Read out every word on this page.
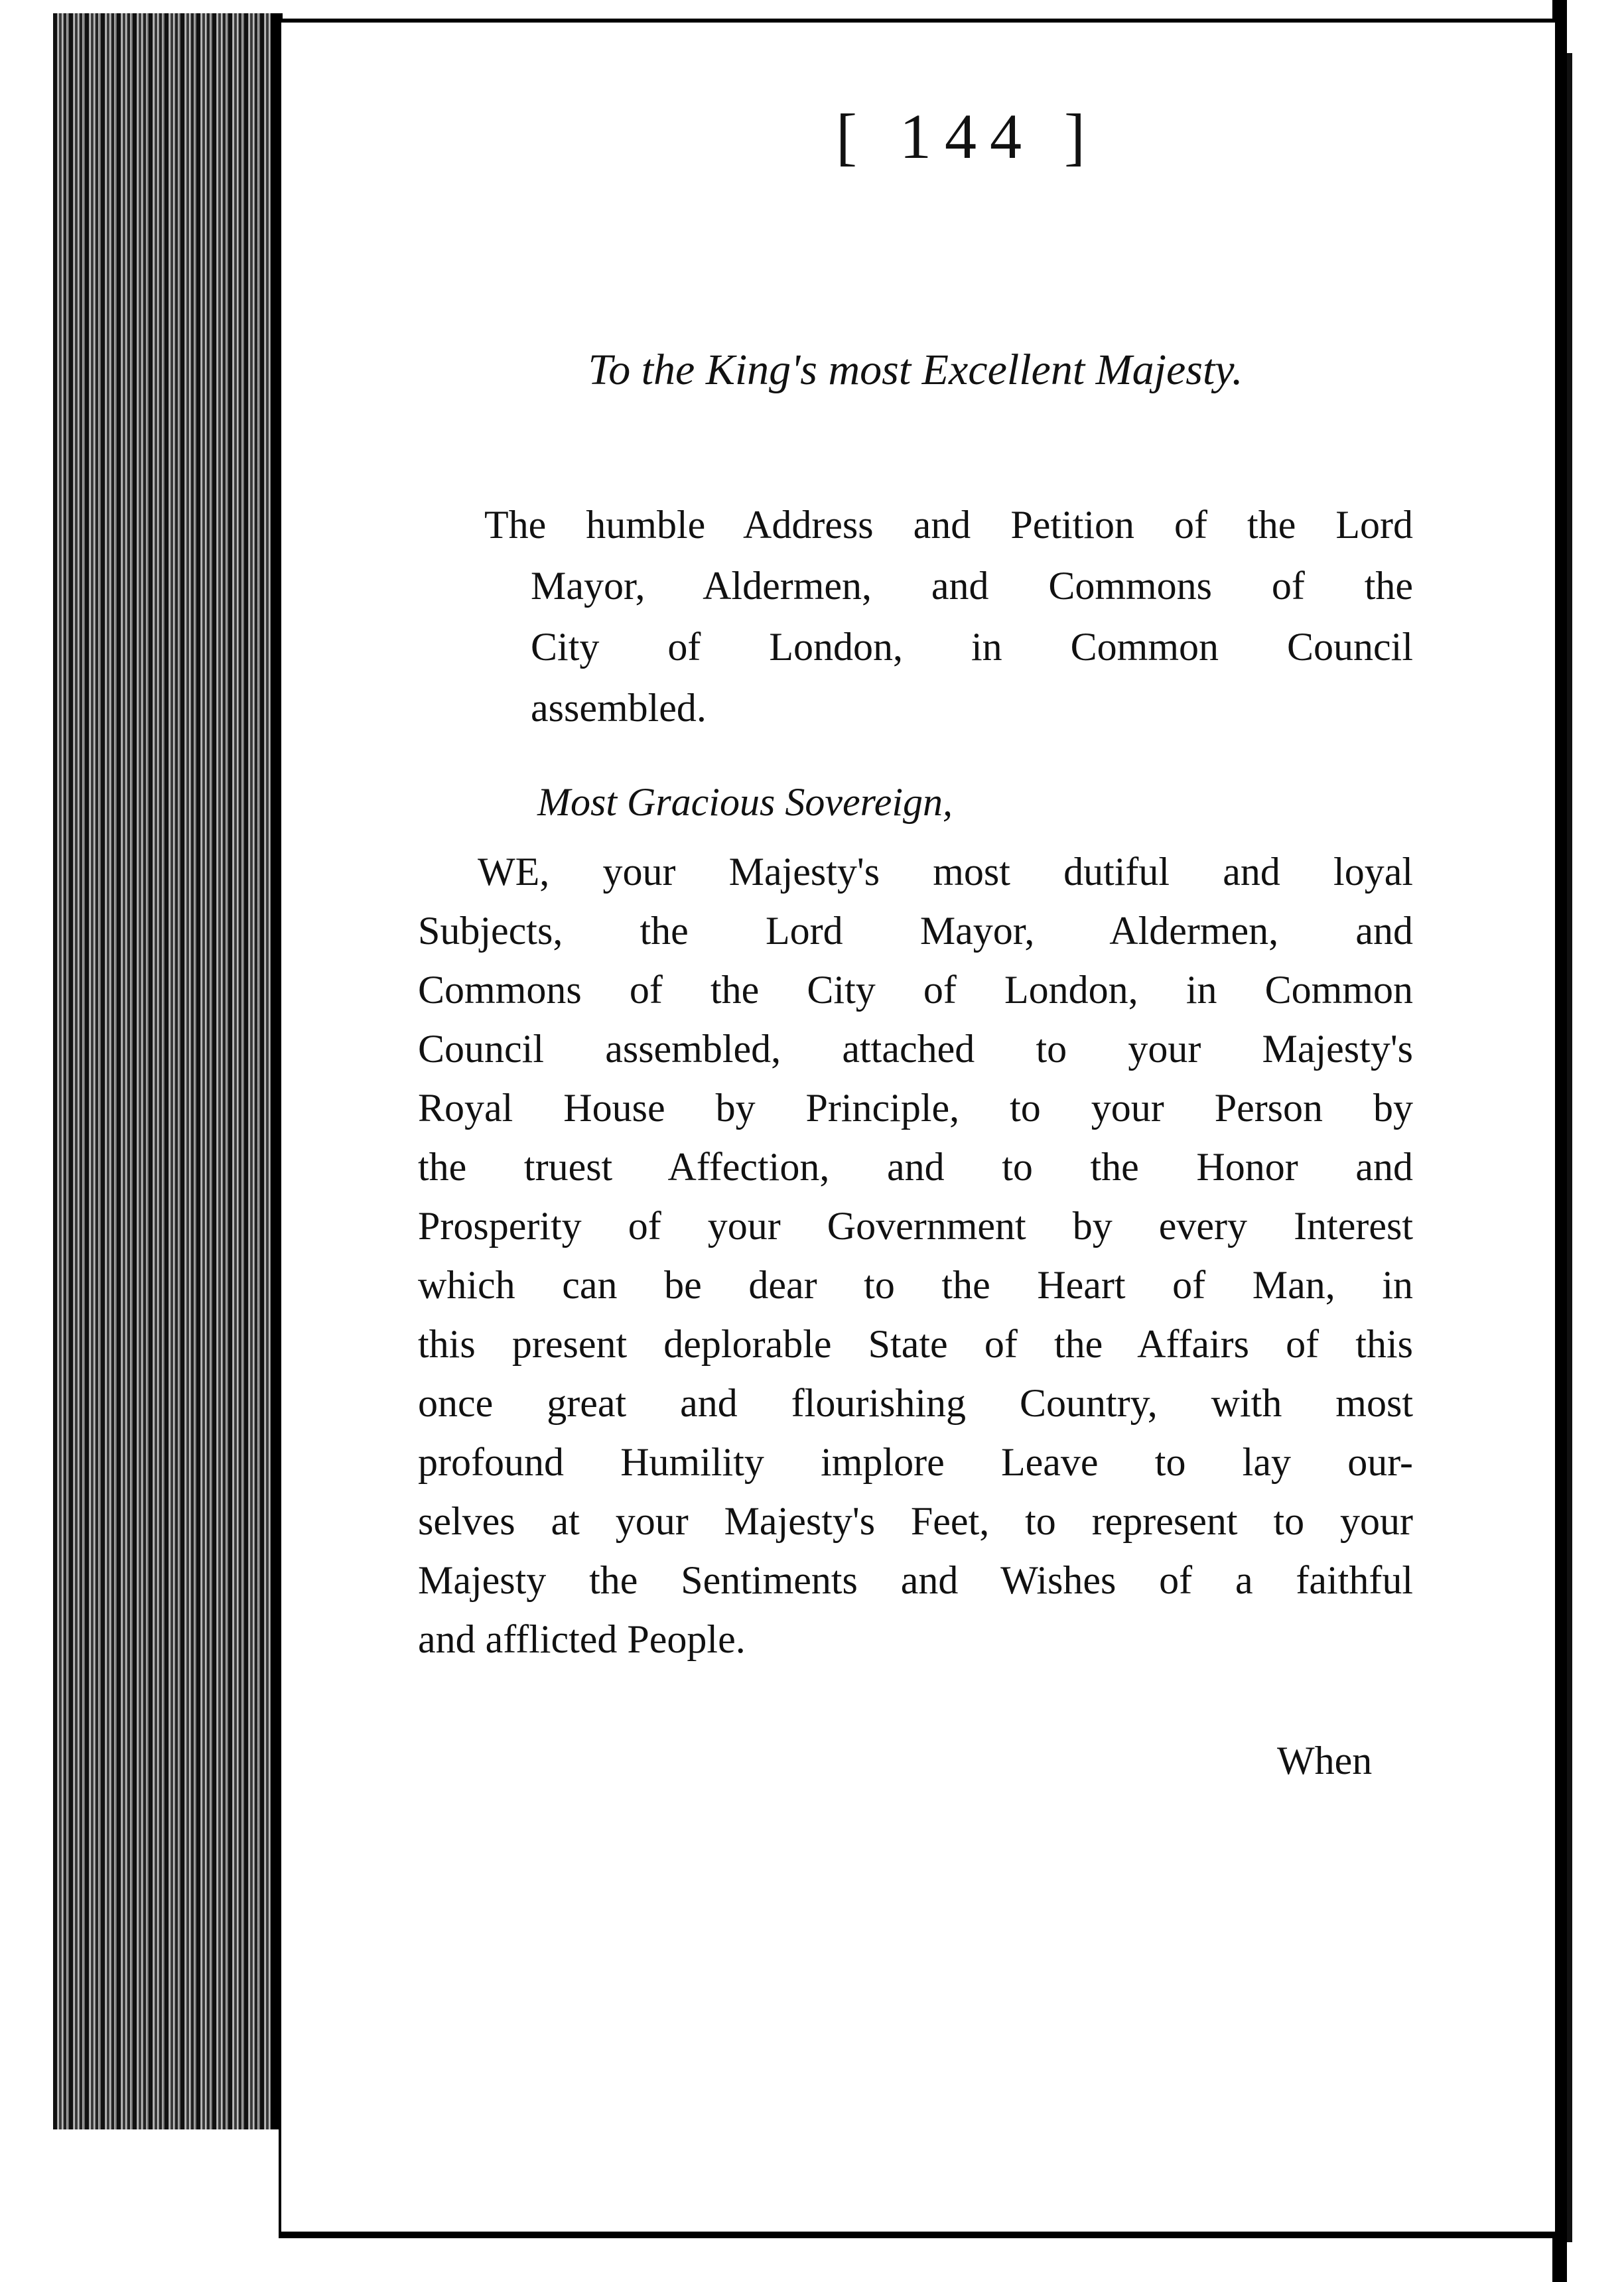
[ 144 ]
To the King's most Excellent Majesty.
The humble Address and Petition of the Lord
Mayor, Aldermen, and Commons of the
City of London, in Common Council
assembled.
Most Gracious Sovereign,
WE, your Majesty's most dutiful and loyal
Subjects, the Lord Mayor, Aldermen, and
Commons of the City of London, in Common
Council assembled, attached to your Majesty's
Royal House by Principle, to your Person by
the truest Affection, and to the Honor and
Prosperity of your Government by every Interest
which can be dear to the Heart of Man, in
this present deplorable State of the Affairs of this
once great and flourishing Country, with most
profound Humility implore Leave to lay our-
selves at your Majesty's Feet, to represent to your
Majesty the Sentiments and Wishes of a faithful
and afflicted People.
When
